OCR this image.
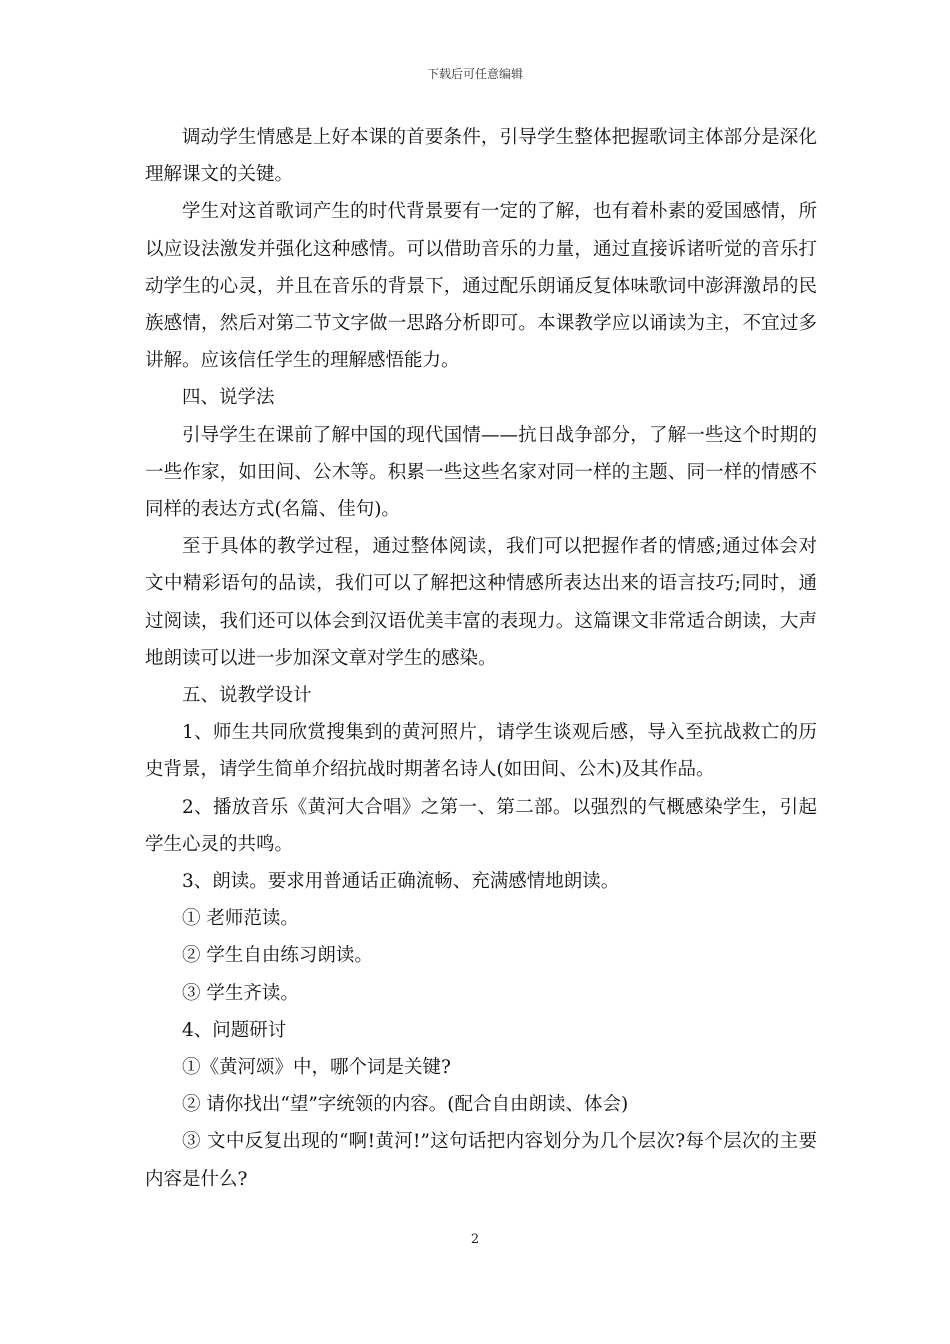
下载后可任意编辑

调动学生情感是上好本课的首要条件，引导学生整体把握歌词主体部分是深化理解课文的关键。

学生对这首歌词产生的时代背景要有一定的了解，也有着朴素的爱国感情，所以应设法激发并强化这种感情。可以借助音乐的力量，通过直接诉诸听觉的音乐打动学生的心灵，并且在音乐的背景下，通过配乐朗诵反复体味歌词中澎湃激昂的民族感情，然后对第二节文字做一思路分析即可。本课教学应以诵读为主，不宜过多讲解。应该信任学生的理解感悟能力。

四、说学法

引导学生在课前了解中国的现代国情——抗日战争部分，了解一些这个时期的一些作家，如田间、公木等。积累一些这些名家对同一样的主题、同一样的情感不同样的表达方式(名篇、佳句)。

至于具体的教学过程，通过整体阅读，我们可以把握作者的情感;通过体会对文中精彩语句的品读，我们可以了解把这种情感所表达出来的语言技巧;同时，通过阅读，我们还可以体会到汉语优美丰富的表现力。这篇课文非常适合朗读，大声地朗读可以进一步加深文章对学生的感染。

五、说教学设计

1、师生共同欣赏搜集到的黄河照片，请学生谈观后感，导入至抗战救亡的历史背景，请学生简单介绍抗战时期著名诗人(如田间、公木)及其作品。

2、播放音乐《黄河大合唱》之第一、第二部。以强烈的气概感染学生，引起学生心灵的共鸣。

3、朗读。要求用普通话正确流畅、充满感情地朗读。

① 老师范读。

② 学生自由练习朗读。

③ 学生齐读。

4、问题研讨

①《黄河颂》中，哪个词是关键?

② 请你找出“望”字统领的内容。(配合自由朗读、体会)

③ 文中反复出现的“啊!黄河!”这句话把内容划分为几个层次?每个层次的主要内容是什么?

2
